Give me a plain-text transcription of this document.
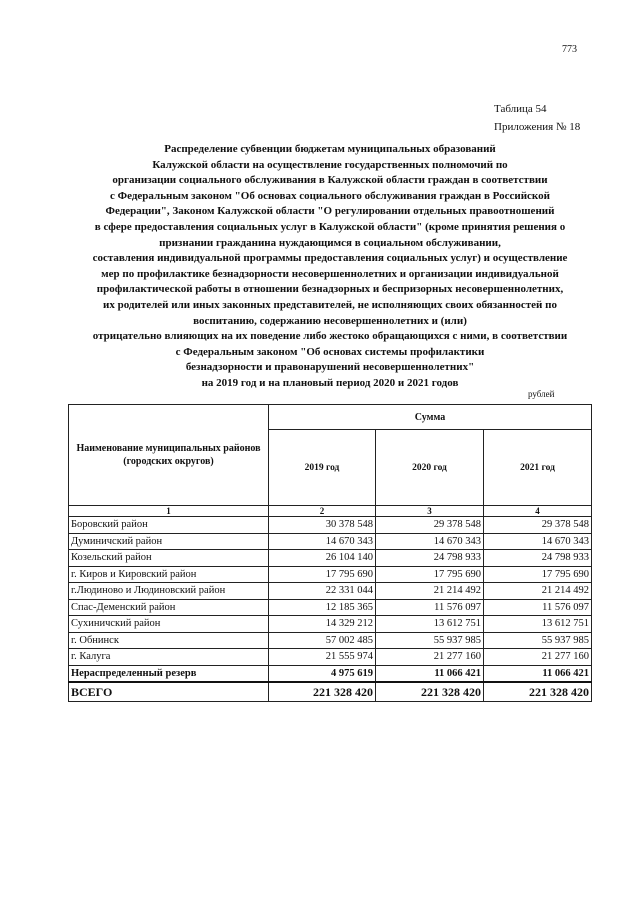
773
Таблица 54
Приложения № 18
Распределение субвенции бюджетам муниципальных образований
Калужской области на осуществление государственных полномочий по
организации социального обслуживания в Калужской области граждан в соответствии
с Федеральным законом "Об основах социального обслуживания граждан в Российской
Федерации", Законом Калужской области "О регулировании отдельных правоотношений
в сфере предоставления социальных услуг в Калужской области" (кроме принятия решения о
признании гражданина нуждающимся в социальном обслуживании,
составления индивидуальной программы предоставления социальных услуг) и осуществление
мер по профилактике безнадзорности несовершеннолетних и организации индивидуальной
профилактической работы в отношении безнадзорных и беспризорных несовершеннолетних,
их родителей или иных законных представителей, не исполняющих своих обязанностей по
воспитанию, содержанию несовершеннолетних и (или)
отрицательно влияющих на их поведение либо жестоко обращающихся с ними, в соответствии
с Федеральным законом "Об основах системы профилактики
безнадзорности и правонарушений несовершеннолетних"
на 2019 год и на плановый период 2020 и 2021 годов
рублей
Наименование муниципальных районов (городских округов)	Сумма		
	2019 год	2020 год	2021 год
1	2	3	4
Боровский район	30 378 548	29 378 548	29 378 548
Думиничский район	14 670 343	14 670 343	14 670 343
Козельский район	26 104 140	24 798 933	24 798 933
г. Киров и Кировский район	17 795 690	17 795 690	17 795 690
г.Людиново и Людиновский район	22 331 044	21 214 492	21 214 492
Спас-Деменский район	12 185 365	11 576 097	11 576 097
Сухиничский район	14 329 212	13 612 751	13 612 751
г. Обнинск	57 002 485	55 937 985	55 937 985
г. Калуга	21 555 974	21 277 160	21 277 160
Нераспределенный резерв	4 975 619	11 066 421	11 066 421
ВСЕГО	221 328 420	221 328 420	221 328 420
